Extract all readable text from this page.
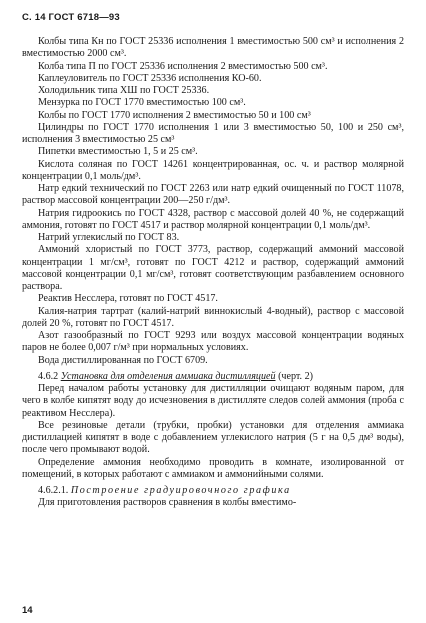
С. 14 ГОСТ 6718—93

Колбы типа Кн по ГОСТ 25336 исполнения 1 вместимостью 500 см³ и исполнения 2 вместимостью 2000 см³.

Колба типа П по ГОСТ 25336 исполнения 2 вместимостью 500 см³.

Каплеуловитель по ГОСТ 25336 исполнения КО-60.

Холодильник типа ХШ по ГОСТ 25336.

Мензурка по ГОСТ 1770 вместимостью 100 см³.

Колбы по ГОСТ 1770 исполнения 2 вместимостью 50 и 100 см³

Цилиндры по ГОСТ 1770 исполнения 1 или 3 вместимостью 50, 100 и 250 см³, исполнения 3 вместимостью 25 см³

Пипетки вместимостью 1, 5 и 25 см³.

Кислота соляная по ГОСТ 14261 концентрированная, ос. ч. и раствор молярной концентрации 0,1 моль/дм³.

Натр едкий технический по ГОСТ 2263 или натр едкий очищенный по ГОСТ 11078, раствор массовой концентрации 200—250 г/дм³.

Натрия гидроокись по ГОСТ 4328, раствор с массовой долей 40 %, не содержащий аммония, готовят по ГОСТ 4517 и раствор молярной концентрации 0,1 моль/дм³.

Натрий углекислый по ГОСТ 83.

Аммоний хлористый по ГОСТ 3773, раствор, содержащий аммоний массовой концентрации 1 мг/см³, готовят по ГОСТ 4212 и раствор, содержащий аммоний массовой концентрации 0,1 мг/см³, готовят соответствующим разбавлением основного раствора.

Реактив Несслера, готовят по ГОСТ 4517.

Калия-натрия тартрат (калий-натрий виннокислый 4-водный), раствор с массовой долей 20 %, готовят по ГОСТ 4517.

Азот газообразный по ГОСТ 9293 или воздух массовой концентрации водяных паров не более 0,007 г/м³ при нормальных условиях.

Вода дистиллированная по ГОСТ 6709.

4.6.2 Установка для отделения аммиака дистилляцией (черт. 2)

Перед началом работы установку для дистилляции очищают водяным паром, для чего в колбе кипятят воду до исчезновения в дистилляте следов солей аммония (проба с реактивом Несслера).

Все резиновые детали (трубки, пробки) установки для отделения аммиака дистиллацией кипятят в воде с добавлением углекислого натрия (5 г на 0,5 дм³ воды), после чего промывают водой.

Определение аммония необходимо проводить в комнате, изолированной от помещений, в которых работают с аммиаком и аммонийными солями.

4.6.2.1. Построение градуировочного графика

Для приготовления растворов сравнения в колбы вместимо-

14
